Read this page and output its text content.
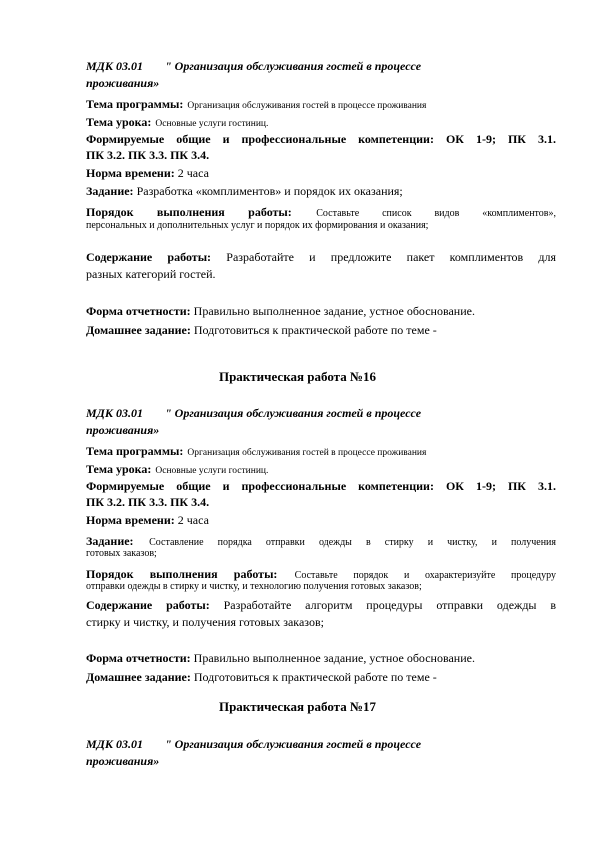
МДК 03.01 " Организация обслуживания гостей в процессе
проживания»
Тема программы: Организация обслуживания гостей в процессе проживания
Тема урока: Основные услуги гостиниц.
Формируемые общие и профессиональные компетенции: ОК 1-9; ПК 3.1.
ПК 3.2. ПК 3.3. ПК 3.4.
Норма времени: 2 часа
Задание: Разработка «комплиментов» и порядок их оказания;
Порядок выполнения работы: Составьте список видов «комплиментов»,
персональных и дополнительных услуг и порядок их формирования и оказания;
Содержание работы: Разработайте и предложите пакет комплиментов для
разных категорий гостей.
Форма отчетности: Правильно выполненное задание, устное обоснование.
Домашнее задание: Подготовиться к практической работе по теме -
Практическая работа №16
МДК 03.01 " Организация обслуживания гостей в процессе
проживания»
Тема программы: Организация обслуживания гостей в процессе проживания
Тема урока: Основные услуги гостиниц.
Формируемые общие и профессиональные компетенции: ОК 1-9; ПК 3.1.
ПК 3.2. ПК 3.3. ПК 3.4.
Норма времени: 2 часа
Задание: Составление порядка отправки одежды в стирку и чистку, и получения
готовых заказов;
Порядок выполнения работы: Составьте порядок и охарактеризуйте процедуру
отправки одежды в стирку и чистку, и технологию получения готовых заказов;
Содержание работы: Разработайте алгоритм процедуры отправки одежды в
стирку и чистку, и получения готовых заказов;
Форма отчетности: Правильно выполненное задание, устное обоснование.
Домашнее задание: Подготовиться к практической работе по теме -
Практическая работа №17
МДК 03.01 " Организация обслуживания гостей в процессе
проживания»
